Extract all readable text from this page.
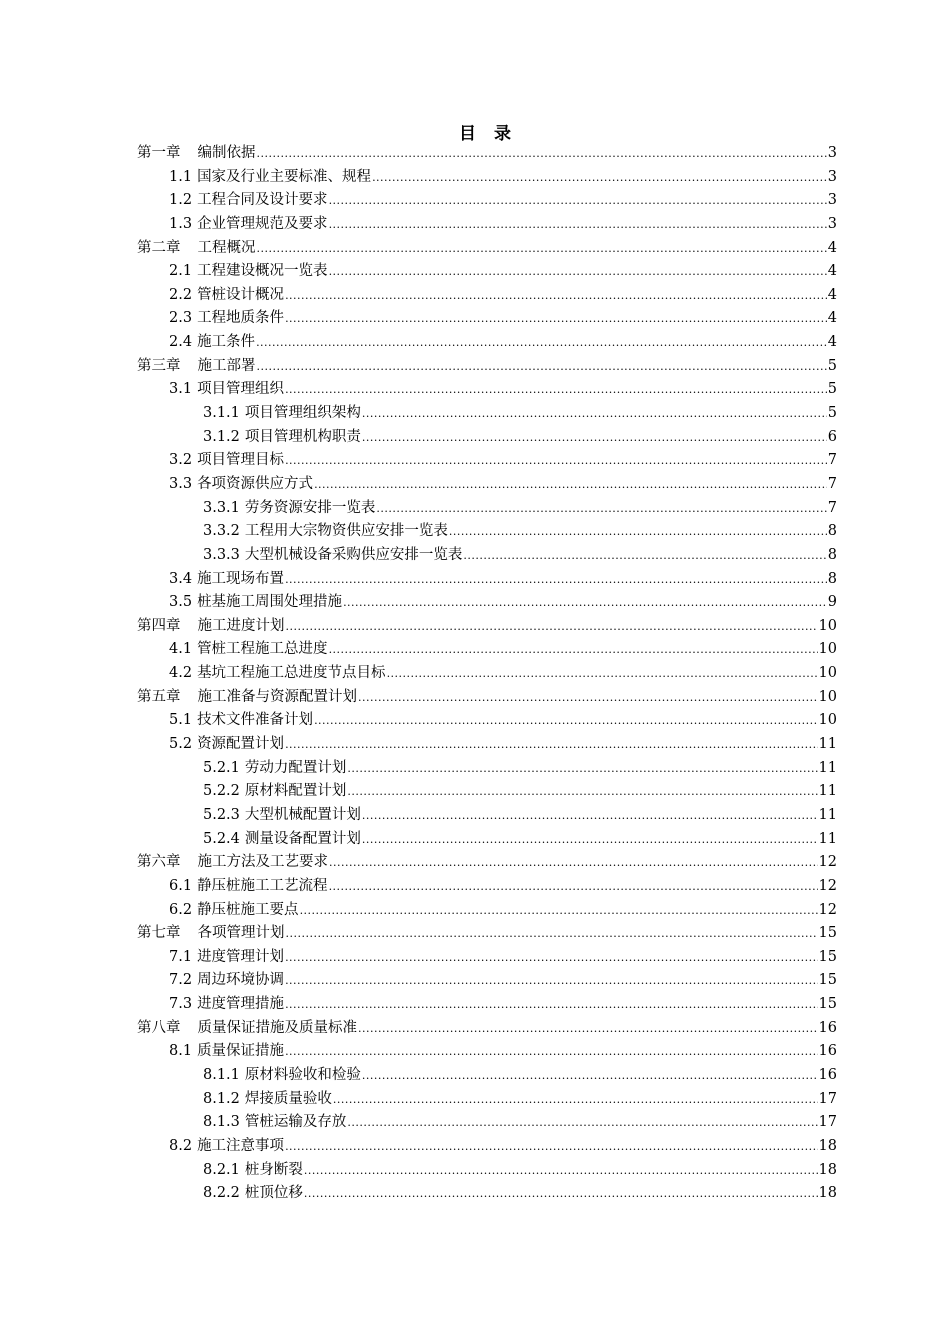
目 录
第一章 编制依据 .....	3
1.1 国家及行业主要标准、规程 .....	3
1.2 工程合同及设计要求 .....	3
1.3 企业管理规范及要求 .....	3
第二章 工程概况 .....	4
2.1 工程建设概况一览表 .....	4
2.2 管桩设计概况 .....	4
2.3 工程地质条件 .....	4
2.4 施工条件 .....	4
第三章 施工部署 .....	5
3.1 项目管理组织 .....	5
3.1.1 项目管理组织架构 .....	5
3.1.2 项目管理机构职责 .....	6
3.2 项目管理目标 .....	7
3.3 各项资源供应方式 .....	7
3.3.1 劳务资源安排一览表 .....	7
3.3.2 工程用大宗物资供应安排一览表 .....	8
3.3.3 大型机械设备采购供应安排一览表 .....	8
3.4 施工现场布置 .....	8
3.5 桩基施工周围处理措施 .....	9
第四章 施工进度计划 .....	10
4.1 管桩工程施工总进度 .....	10
4.2 基坑工程施工总进度节点目标 .....	10
第五章 施工准备与资源配置计划 .....	10
5.1 技术文件准备计划 .....	10
5.2 资源配置计划 .....	11
5.2.1 劳动力配置计划 .....	11
5.2.2 原材料配置计划 .....	11
5.2.3 大型机械配置计划 .....	11
5.2.4 测量设备配置计划 .....	11
第六章 施工方法及工艺要求 .....	12
6.1 静压桩施工工艺流程 .....	12
6.2 静压桩施工要点 .....	12
第七章 各项管理计划 .....	15
7.1 进度管理计划 .....	15
7.2 周边环境协调 .....	15
7.3 进度管理措施 .....	15
第八章 质量保证措施及质量标准 .....	16
8.1 质量保证措施 .....	16
8.1.1 原材料验收和检验 .....	16
8.1.2 焊接质量验收 .....	17
8.1.3 管桩运输及存放 .....	17
8.2 施工注意事项 .....	18
8.2.1 桩身断裂 .....	18
8.2.2 桩顶位移 .....	18
